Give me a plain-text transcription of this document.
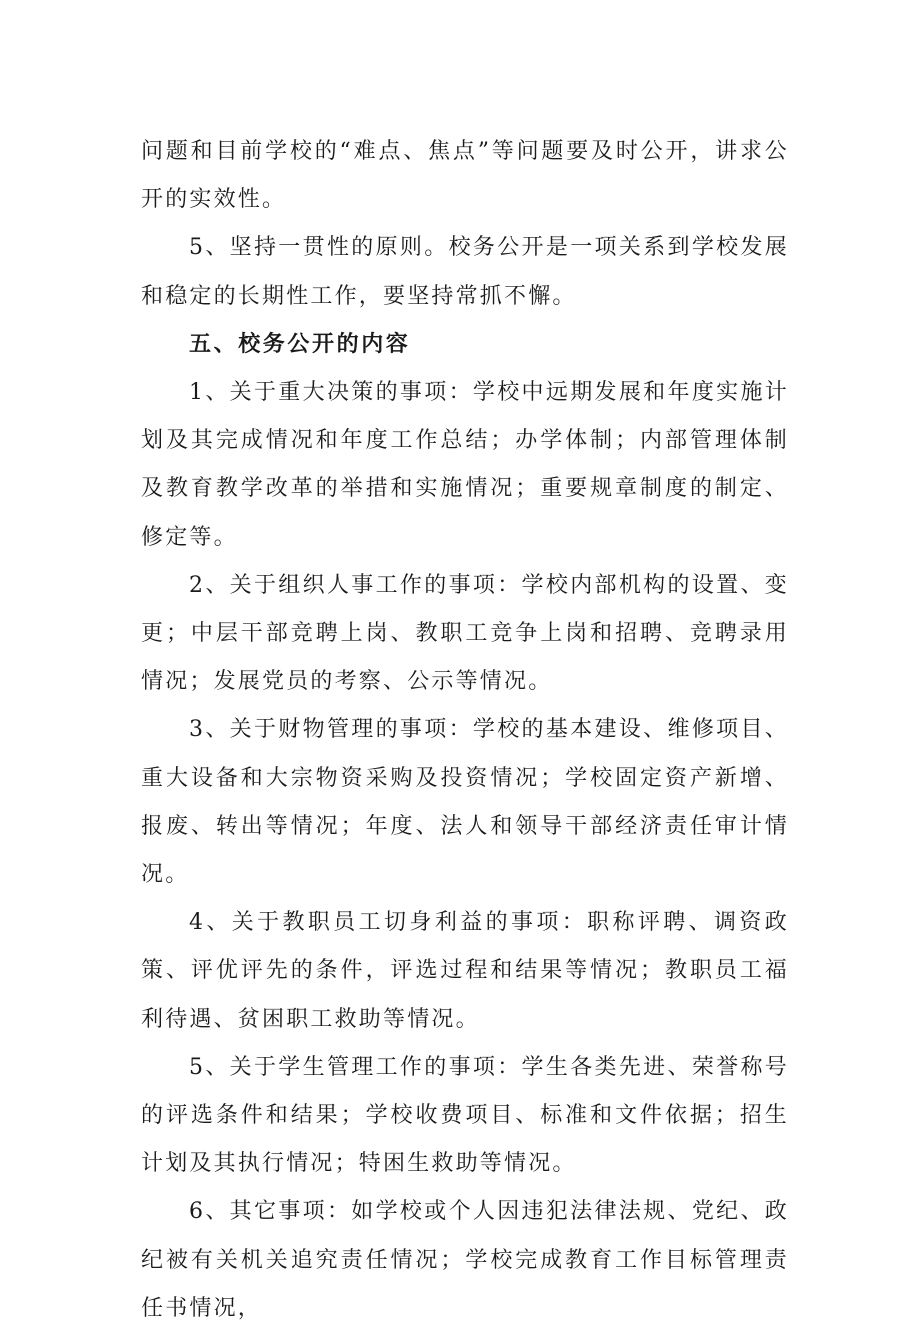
问题和目前学校的“难点、焦点”等问题要及时公开，讲求公开的实效性。

5、坚持一贯性的原则。校务公开是一项关系到学校发展和稳定的长期性工作，要坚持常抓不懈。

五、校务公开的内容

1、关于重大决策的事项：学校中远期发展和年度实施计划及其完成情况和年度工作总结；办学体制；内部管理体制及教育教学改革的举措和实施情况；重要规章制度的制定、修定等。

2、关于组织人事工作的事项：学校内部机构的设置、变更；中层干部竞聘上岗、教职工竞争上岗和招聘、竞聘录用情况；发展党员的考察、公示等情况。

3、关于财物管理的事项：学校的基本建设、维修项目、重大设备和大宗物资采购及投资情况；学校固定资产新增、报废、转出等情况；年度、法人和领导干部经济责任审计情况。

4、关于教职员工切身利益的事项：职称评聘、调资政策、评优评先的条件，评选过程和结果等情况；教职员工福利待遇、贫困职工救助等情况。

5、关于学生管理工作的事项：学生各类先进、荣誉称号的评选条件和结果；学校收费项目、标准和文件依据；招生计划及其执行情况；特困生救助等情况。

6、其它事项：如学校或个人因违犯法律法规、党纪、政纪被有关机关追究责任情况；学校完成教育工作目标管理责任书情况，
